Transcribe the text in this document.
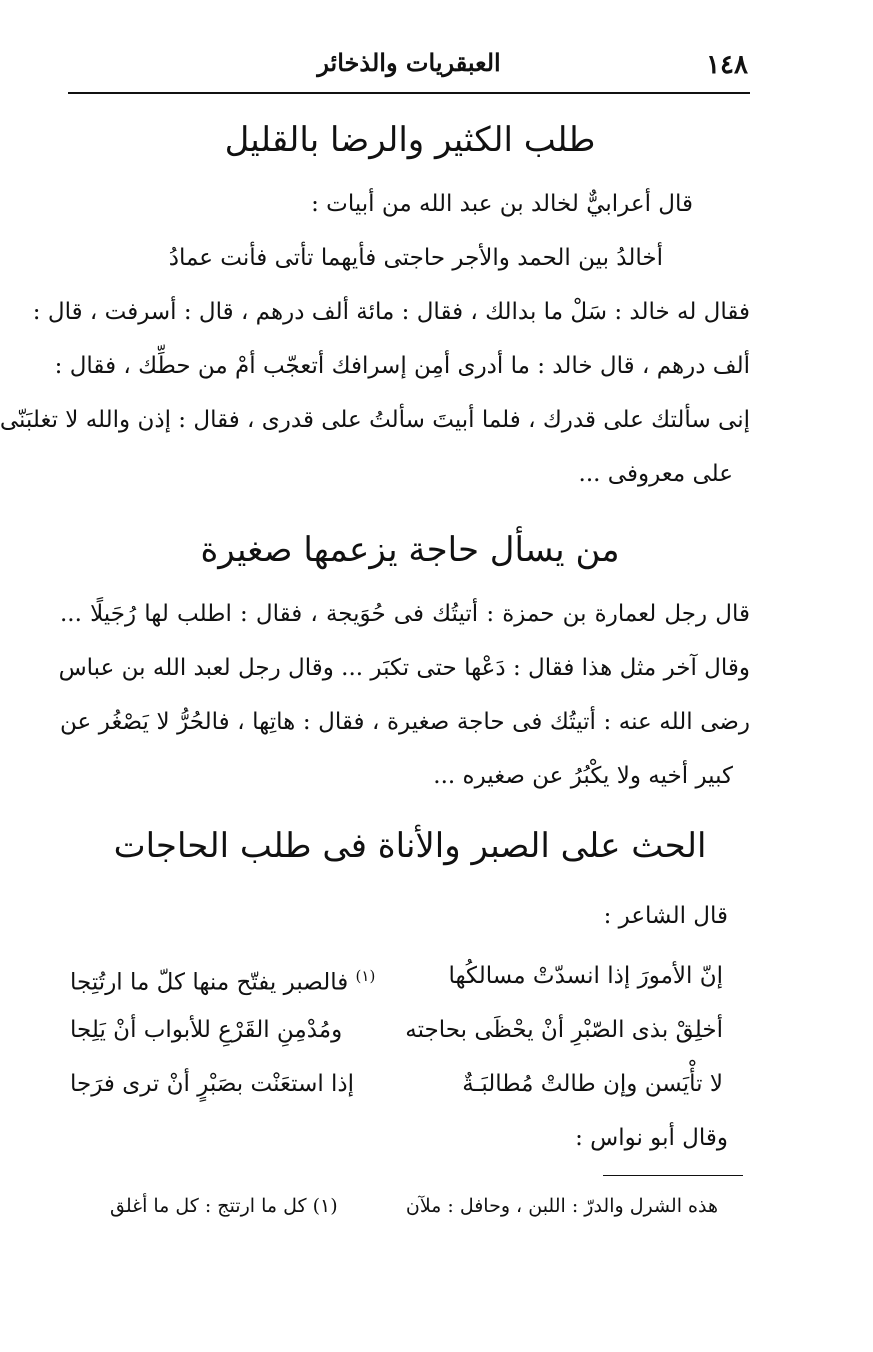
١٤٨
العبقريات والذخائر
طلب الكثير والرضا بالقليل
قال أعرابيٌّ لخالد بن عبد الله من أبيات :
أخالدُ بين الحمد والأجر حاجتى فأيهما تأتى فأنت عمادُ
فقال له خالد : سَلْ ما بدالك ، فقال : مائة ألف درهم ، قال : أسرفت ، قال :
ألف درهم ، قال خالد : ما أدرى أمِن إسرافك أتعجّب أمْ من حطِّك ، فقال :
إنى سألتك على قدرك ، فلما أبيتَ سألتُ على قدرى ، فقال : إذن والله لا تغلبَنّى
على معروفى ...
من يسأل حاجة يزعمها صغيرة
قال رجل لعمارة بن حمزة : أتيتُك فى حُوَيجة ، فقال : اطلب لها رُجَيلًا ...
وقال آخر مثل هذا فقال : دَعْها حتى تكبَر ... وقال رجل لعبد الله بن عباس
رضى الله عنه : أتيتُك فى حاجة صغيرة ، فقال : هاتِها ، فالحُرُّ لا يَصْغُر عن
كبير أخيه ولا يكْبُرُ عن صغيره ...
الحث على الصبر والأناة فى طلب الحاجات
قال الشاعر :
إنّ الأمورَ إذا انسدّتْ مسالكُها
$^{(١)}$ فالصبر يفتّح منها كلّ ما ارتُتِجا
أخلِقْ بذى الصّبْرِ أنْ يحْظَى بحاجته
ومُدْمِنِ القَرْعِ للأبواب أنْ يَلِجا
لا تأْيَسن وإن طالتْ مُطالبَـةٌ
إذا استعَنْت بصَبْرٍ أنْ ترى فرَجا
وقال أبو نواس :
هذه الشرل والدرّ : اللبن ، وحافل : ملآن
(١) كل ما ارتتج : كل ما أغلق
